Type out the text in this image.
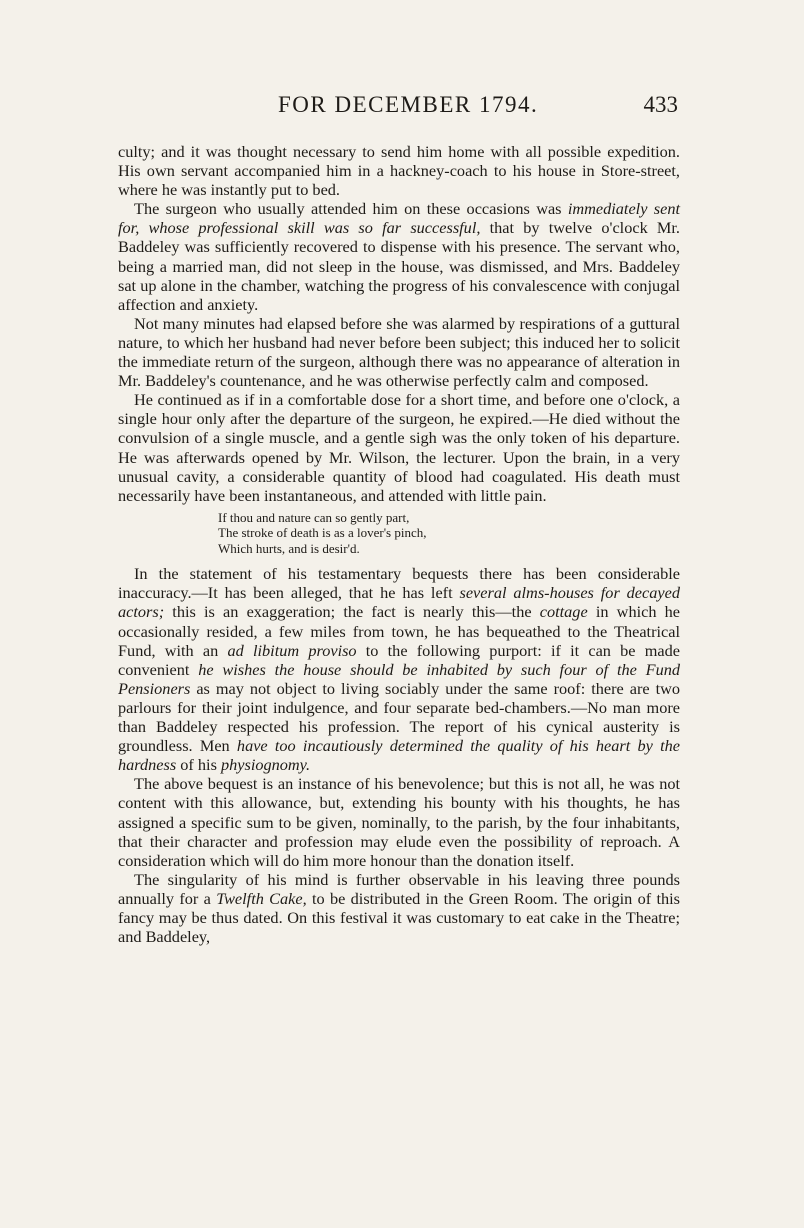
FOR DECEMBER 1794.	433

culty; and it was thought necessary to send him home with all possible expedition. His own servant accompanied him in a hackney-coach to his house in Store-street, where he was instantly put to bed.

The surgeon who usually attended him on these occasions was immediately sent for, whose professional skill was so far successful, that by twelve o'clock Mr. Baddeley was sufficiently recovered to dispense with his presence. The servant who, being a married man, did not sleep in the house, was dismissed, and Mrs. Baddeley sat up alone in the chamber, watching the progress of his convalescence with conjugal affection and anxiety.

Not many minutes had elapsed before she was alarmed by respirations of a guttural nature, to which her husband had never before been subject; this induced her to solicit the immediate return of the surgeon, although there was no appearance of alteration in Mr. Baddeley's countenance, and he was otherwise perfectly calm and composed.

He continued as if in a comfortable dose for a short time, and before one o'clock, a single hour only after the departure of the surgeon, he expired.—He died without the convulsion of a single muscle, and a gentle sigh was the only token of his departure. He was afterwards opened by Mr. Wilson, the lecturer. Upon the brain, in a very unusual cavity, a considerable quantity of blood had coagulated. His death must necessarily have been instantaneous, and attended with little pain.

If thou and nature can so gently part,
The stroke of death is as a lover's pinch,
Which hurts, and is desir'd.

In the statement of his testamentary bequests there has been considerable inaccuracy.—It has been alleged, that he has left several alms-houses for decayed actors; this is an exaggeration; the fact is nearly this—the cottage in which he occasionally resided, a few miles from town, he has bequeathed to the Theatrical Fund, with an ad libitum proviso to the following purport: if it can be made convenient he wishes the house should be inhabited by such four of the Fund Pensioners as may not object to living sociably under the same roof: there are two parlours for their joint indulgence, and four separate bed-chambers.—No man more than Baddeley respected his profession. The report of his cynical austerity is groundless. Men have too incautiously determined the quality of his heart by the hardness of his physiognomy.

The above bequest is an instance of his benevolence; but this is not all, he was not content with this allowance, but, extending his bounty with his thoughts, he has assigned a specific sum to be given, nominally, to the parish, by the four inhabitants, that their character and profession may elude even the possibility of reproach. A consideration which will do him more honour than the donation itself.

The singularity of his mind is further observable in his leaving three pounds annually for a Twelfth Cake, to be distributed in the Green Room. The origin of this fancy may be thus dated. On this festival it was customary to eat cake in the Theatre; and Baddeley,
